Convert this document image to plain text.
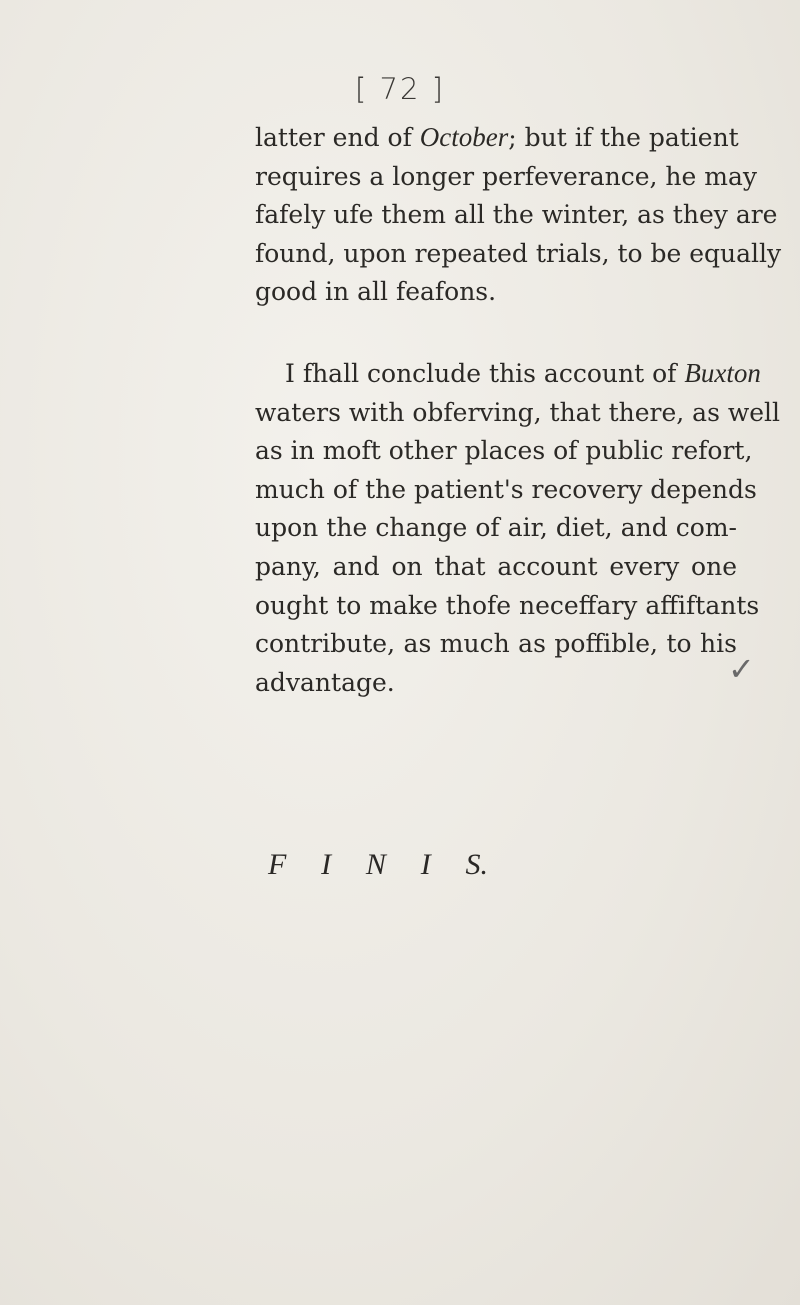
[ 72 ]
latter end of October; but if the patient
requires a longer perfeverance, he may
fafely ufe them all the winter, as they are
found, upon repeated trials, to be equally
good in all feafons.
I fhall conclude this account of Buxton
waters with obferving, that there, as well
as in moft other places of public refort,
much of the patient's recovery depends
upon the change of air, diet, and com-
pany, and on that account every one
ought to make thofe neceffary affiftants
contribute, as much as poffible, to his
advantage.
F I N I S.
✓
